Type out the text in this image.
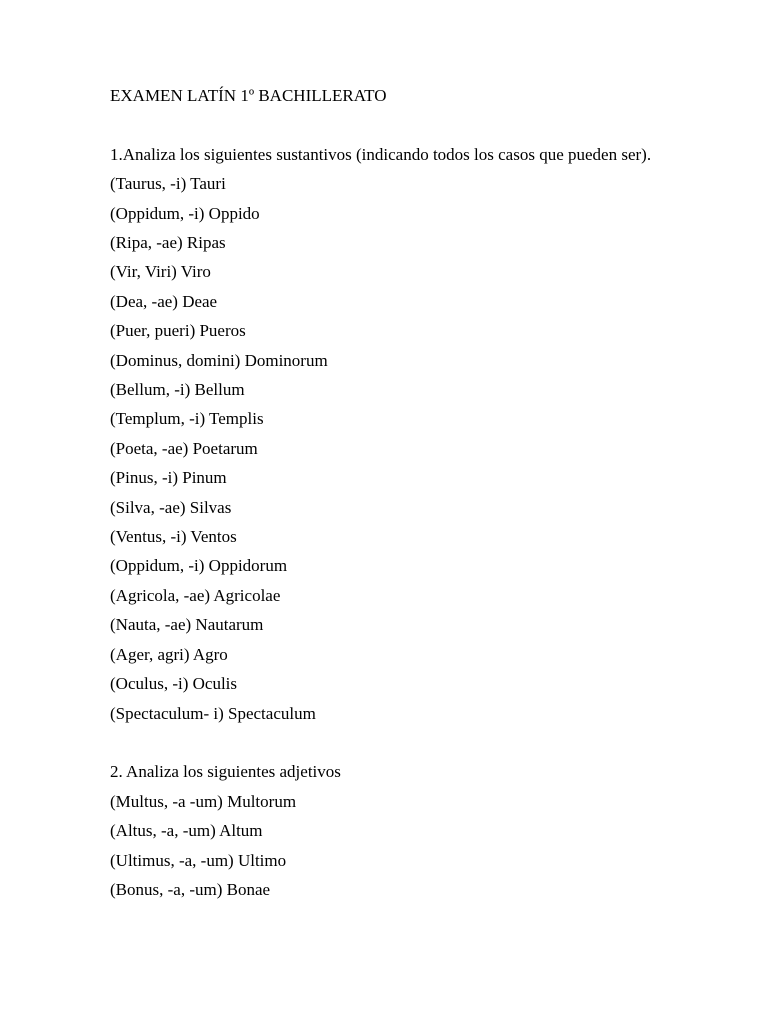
EXAMEN LATÍN 1º BACHILLERATO

1.Analiza los siguientes sustantivos (indicando todos los casos que pueden ser).

(Taurus, -i) Tauri
(Oppidum, -i) Oppido
(Ripa, -ae) Ripas
(Vir, Viri) Viro
(Dea, -ae) Deae
(Puer, pueri) Pueros
(Dominus, domini) Dominorum
(Bellum, -i) Bellum
(Templum, -i) Templis
(Poeta, -ae) Poetarum
(Pinus, -i) Pinum
(Silva, -ae) Silvas
(Ventus, -i) Ventos
(Oppidum, -i) Oppidorum
(Agricola, -ae) Agricolae
(Nauta, -ae) Nautarum
(Ager, agri) Agro
(Oculus, -i) Oculis
(Spectaculum- i) Spectaculum

2. Analiza los siguientes adjetivos

(Multus, -a -um) Multorum
(Altus, -a, -um) Altum
(Ultimus, -a, -um) Ultimo
(Bonus, -a, -um) Bonae
